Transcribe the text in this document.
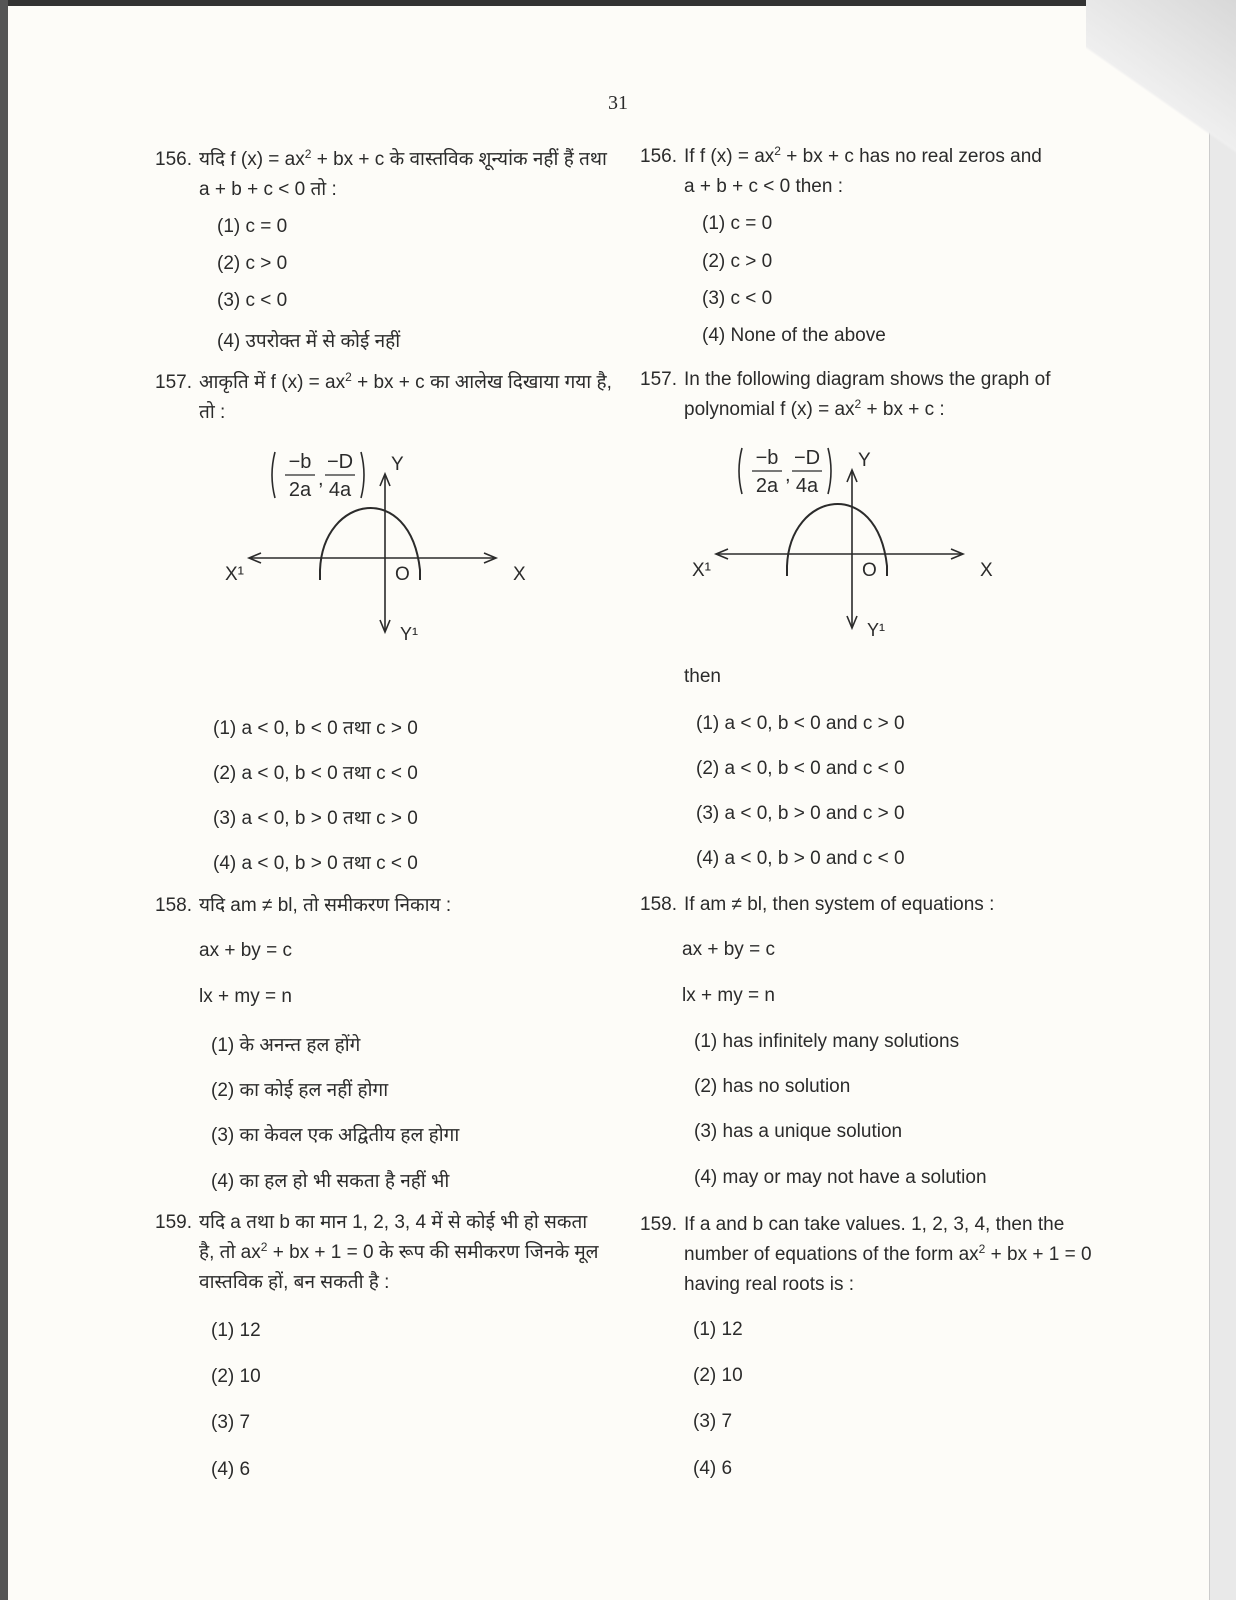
31
156. यदि f $(x) = ax^2$ + bx + c के वास्तविक शून्यांक नहीं हैं तथा
a + b + c < 0 तो :
(1) c = 0
(2) c > 0
(3) c < 0
(4) उपरोक्त में से कोई नहीं
157. आकृति में f $(x) = ax^2$ + bx + c का आलेख दिखाया गया है,
तो :
−b
2a ,
−D
4a
Y
Y¹
X¹	X
O
(1) a < 0, b < 0 तथा c > 0
(2) a < 0, b < 0 तथा c < 0
(3) a < 0, b > 0 तथा c > 0
(4) a < 0, b > 0 तथा c < 0
158. यदि am ≠ bl, तो समीकरण निकाय :
ax + by = c
lx + my = n
(1) के अनन्त हल होंगे
(2) का कोई हल नहीं होगा
(3) का केवल एक अद्वितीय हल होगा
(4) का हल हो भी सकता है नहीं भी
159. यदि a तथा b का मान 1, 2, 3, 4 में से कोई भी हो सकता
है, तो $ax^2$ + bx + 1 = 0 के रूप की समीकरण जिनके मूल
वास्तविक हों, बन सकती है :
(1) 12
(2) 10
(3) 7
(4) 6
156. If f $(x) = ax^2$ + bx + c has no real zeros and
a + b + c < 0 then :
(1) c = 0
(2) c > 0
(3) c < 0
(4) None of the above
157. In the following diagram shows the graph of
polynomial f $(x) = ax^2$ + bx + c :
−b
2a ,
−D
4a
Y
Y¹
X¹	X
O
then
(1) a < 0, b < 0 and c > 0
(2) a < 0, b < 0 and c < 0
(3) a < 0, b > 0 and c > 0
(4) a < 0, b > 0 and c < 0
158. If am ≠ bl, then system of equations :
ax + by = c
lx + my = n
(1) has infinitely many solutions
(2) has no solution
(3) has a unique solution
(4) may or may not have a solution
159. If a and b can take values. 1, 2, 3, 4, then the
number of equations of the form $ax^2$ + bx + 1 = 0
having real roots is :
(1) 12
(2) 10
(3) 7
(4) 6
